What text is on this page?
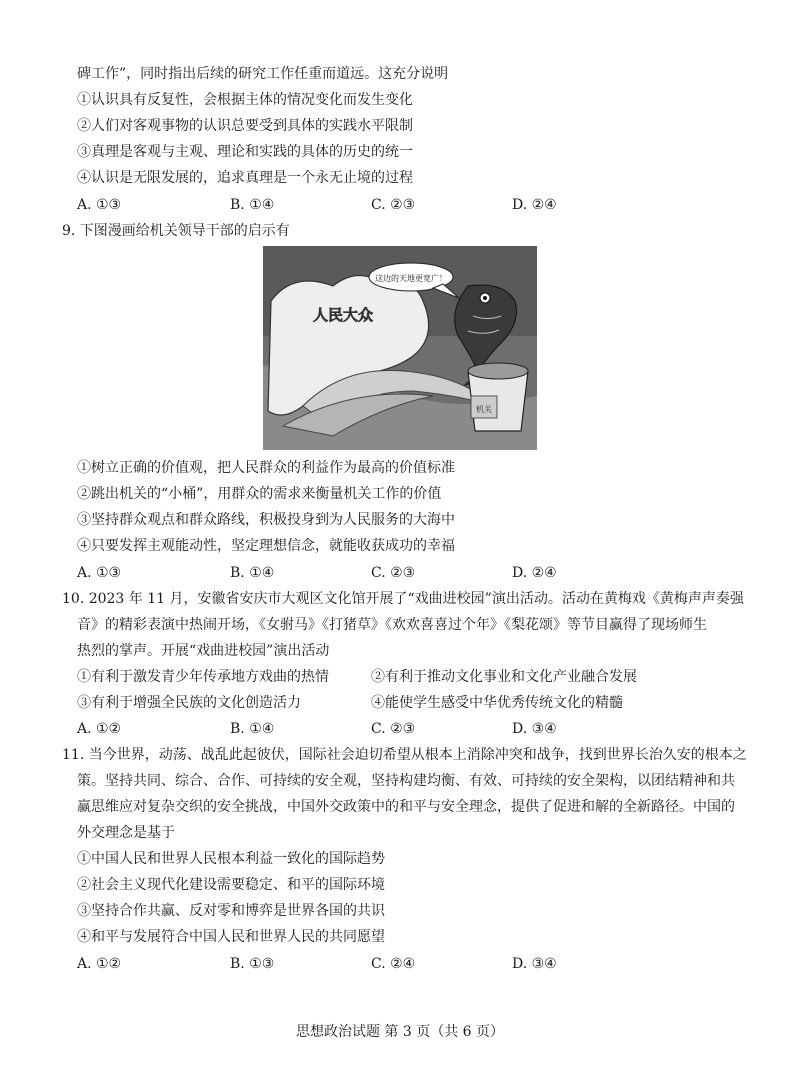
碑工作”，同时指出后续的研究工作任重而道远。这充分说明
①认识具有反复性，会根据主体的情况变化而发生变化
②人们对客观事物的认识总要受到具体的实践水平限制
③真理是客观与主观、理论和实践的具体的历史的统一
④认识是无限发展的，追求真理是一个永无止境的过程
A. ①③	B. ①④	C. ②③	D. ②④
9. 下图漫画给机关领导干部的启示有
人民大众
这边的天地更宽广！
机关
①树立正确的价值观，把人民群众的利益作为最高的价值标准
②跳出机关的“小桶”，用群众的需求来衡量机关工作的价值
③坚持群众观点和群众路线，积极投身到为人民服务的大海中
④只要发挥主观能动性，坚定理想信念，就能收获成功的幸福
A. ①③	B. ①④	C. ②③	D. ②④
10. 2023 年 11 月，安徽省安庆市大观区文化馆开展了“戏曲进校园”演出活动。活动在黄梅戏《黄梅声声奏强
音》的精彩表演中热闹开场，《女驸马》《打猪草》《欢欢喜喜过个年》《梨花颂》等节目赢得了现场师生
热烈的掌声。开展“戏曲进校园”演出活动
①有利于激发青少年传承地方戏曲的热情	②有利于推动文化事业和文化产业融合发展
③有利于增强全民族的文化创造活力	④能使学生感受中华优秀传统文化的精髓
A. ①②	B. ①④	C. ②③	D. ③④
11. 当今世界，动荡、战乱此起彼伏，国际社会迫切希望从根本上消除冲突和战争，找到世界长治久安的根本之
策。坚持共同、综合、合作、可持续的安全观，坚持构建均衡、有效、可持续的安全架构，以团结精神和共
赢思维应对复杂交织的安全挑战，中国外交政策中的和平与安全理念，提供了促进和解的全新路径。中国的
外交理念是基于
①中国人民和世界人民根本利益一致化的国际趋势
②社会主义现代化建设需要稳定、和平的国际环境
③坚持合作共赢、反对零和博弈是世界各国的共识
④和平与发展符合中国人民和世界人民的共同愿望
A. ①②	B. ①③	C. ②④	D. ③④
思想政治试题 第 3 页（共 6 页）
